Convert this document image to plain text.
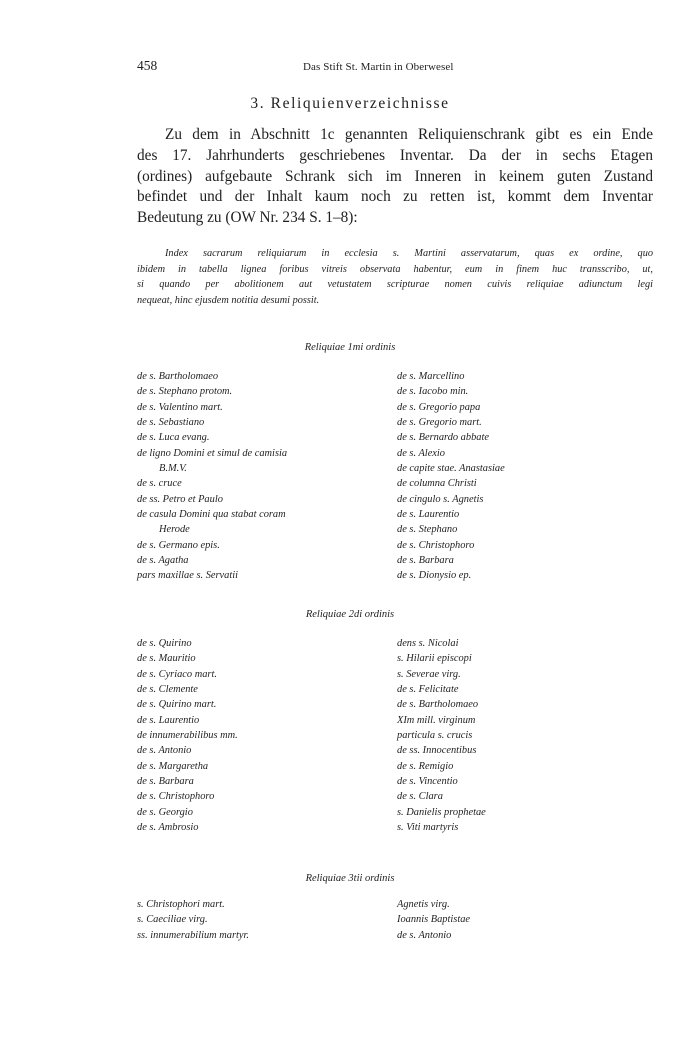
458	Das Stift St. Martin in Oberwesel
3. Reliquienverzeichnisse
Zu dem in Abschnitt 1c genannten Reliquienschrank gibt es ein Ende
des 17. Jahrhunderts geschriebenes Inventar. Da der in sechs Etagen
(ordines) aufgebaute Schrank sich im Inneren in keinem guten Zustand
befindet und der Inhalt kaum noch zu retten ist, kommt dem Inventar
Bedeutung zu (OW Nr. 234 S. 1–8):
Index sacrarum reliquiarum in ecclesia s. Martini asservatarum, quas ex ordine, quo
ibidem in tabella lignea foribus vitreis observata habentur, eum in finem huc transscribo, ut,
si quando per abolitionem aut vetustatem scripturae nomen cuivis reliquiae adiunctum legi
nequeat, hinc ejusdem notitia desumi possit.
Reliquiae 1mi ordinis
de s. Bartholomaeo
de s. Stephano protom.
de s. Valentino mart.
de s. Sebastiano
de s. Luca evang.
de ligno Domini et simul de camisia
B.M.V.
de s. cruce
de ss. Petro et Paulo
de casula Domini qua stabat coram
Herode
de s. Germano epis.
de s. Agatha
pars maxillae s. Servatii
de s. Marcellino
de s. Iacobo min.
de s. Gregorio papa
de s. Gregorio mart.
de s. Bernardo abbate
de s. Alexio
de capite stae. Anastasiae
de columna Christi
de cingulo s. Agnetis
de s. Laurentio
de s. Stephano
de s. Christophoro
de s. Barbara
de s. Dionysio ep.
Reliquiae 2di ordinis
de s. Quirino
de s. Mauritio
de s. Cyriaco mart.
de s. Clemente
de s. Quirino mart.
de s. Laurentio
de innumerabilibus mm.
de s. Antonio
de s. Margaretha
de s. Barbara
de s. Christophoro
de s. Georgio
de s. Ambrosio
dens s. Nicolai
s. Hilarii episcopi
s. Severae virg.
de s. Felicitate
de s. Bartholomaeo
XIm mill. virginum
particula s. crucis
de ss. Innocentibus
de s. Remigio
de s. Vincentio
de s. Clara
s. Danielis prophetae
s. Viti martyris
Reliquiae 3tii ordinis
s. Christophori mart.
s. Caeciliae virg.
ss. innumerabilium martyr.
Agnetis virg.
Ioannis Baptistae
de s. Antonio
